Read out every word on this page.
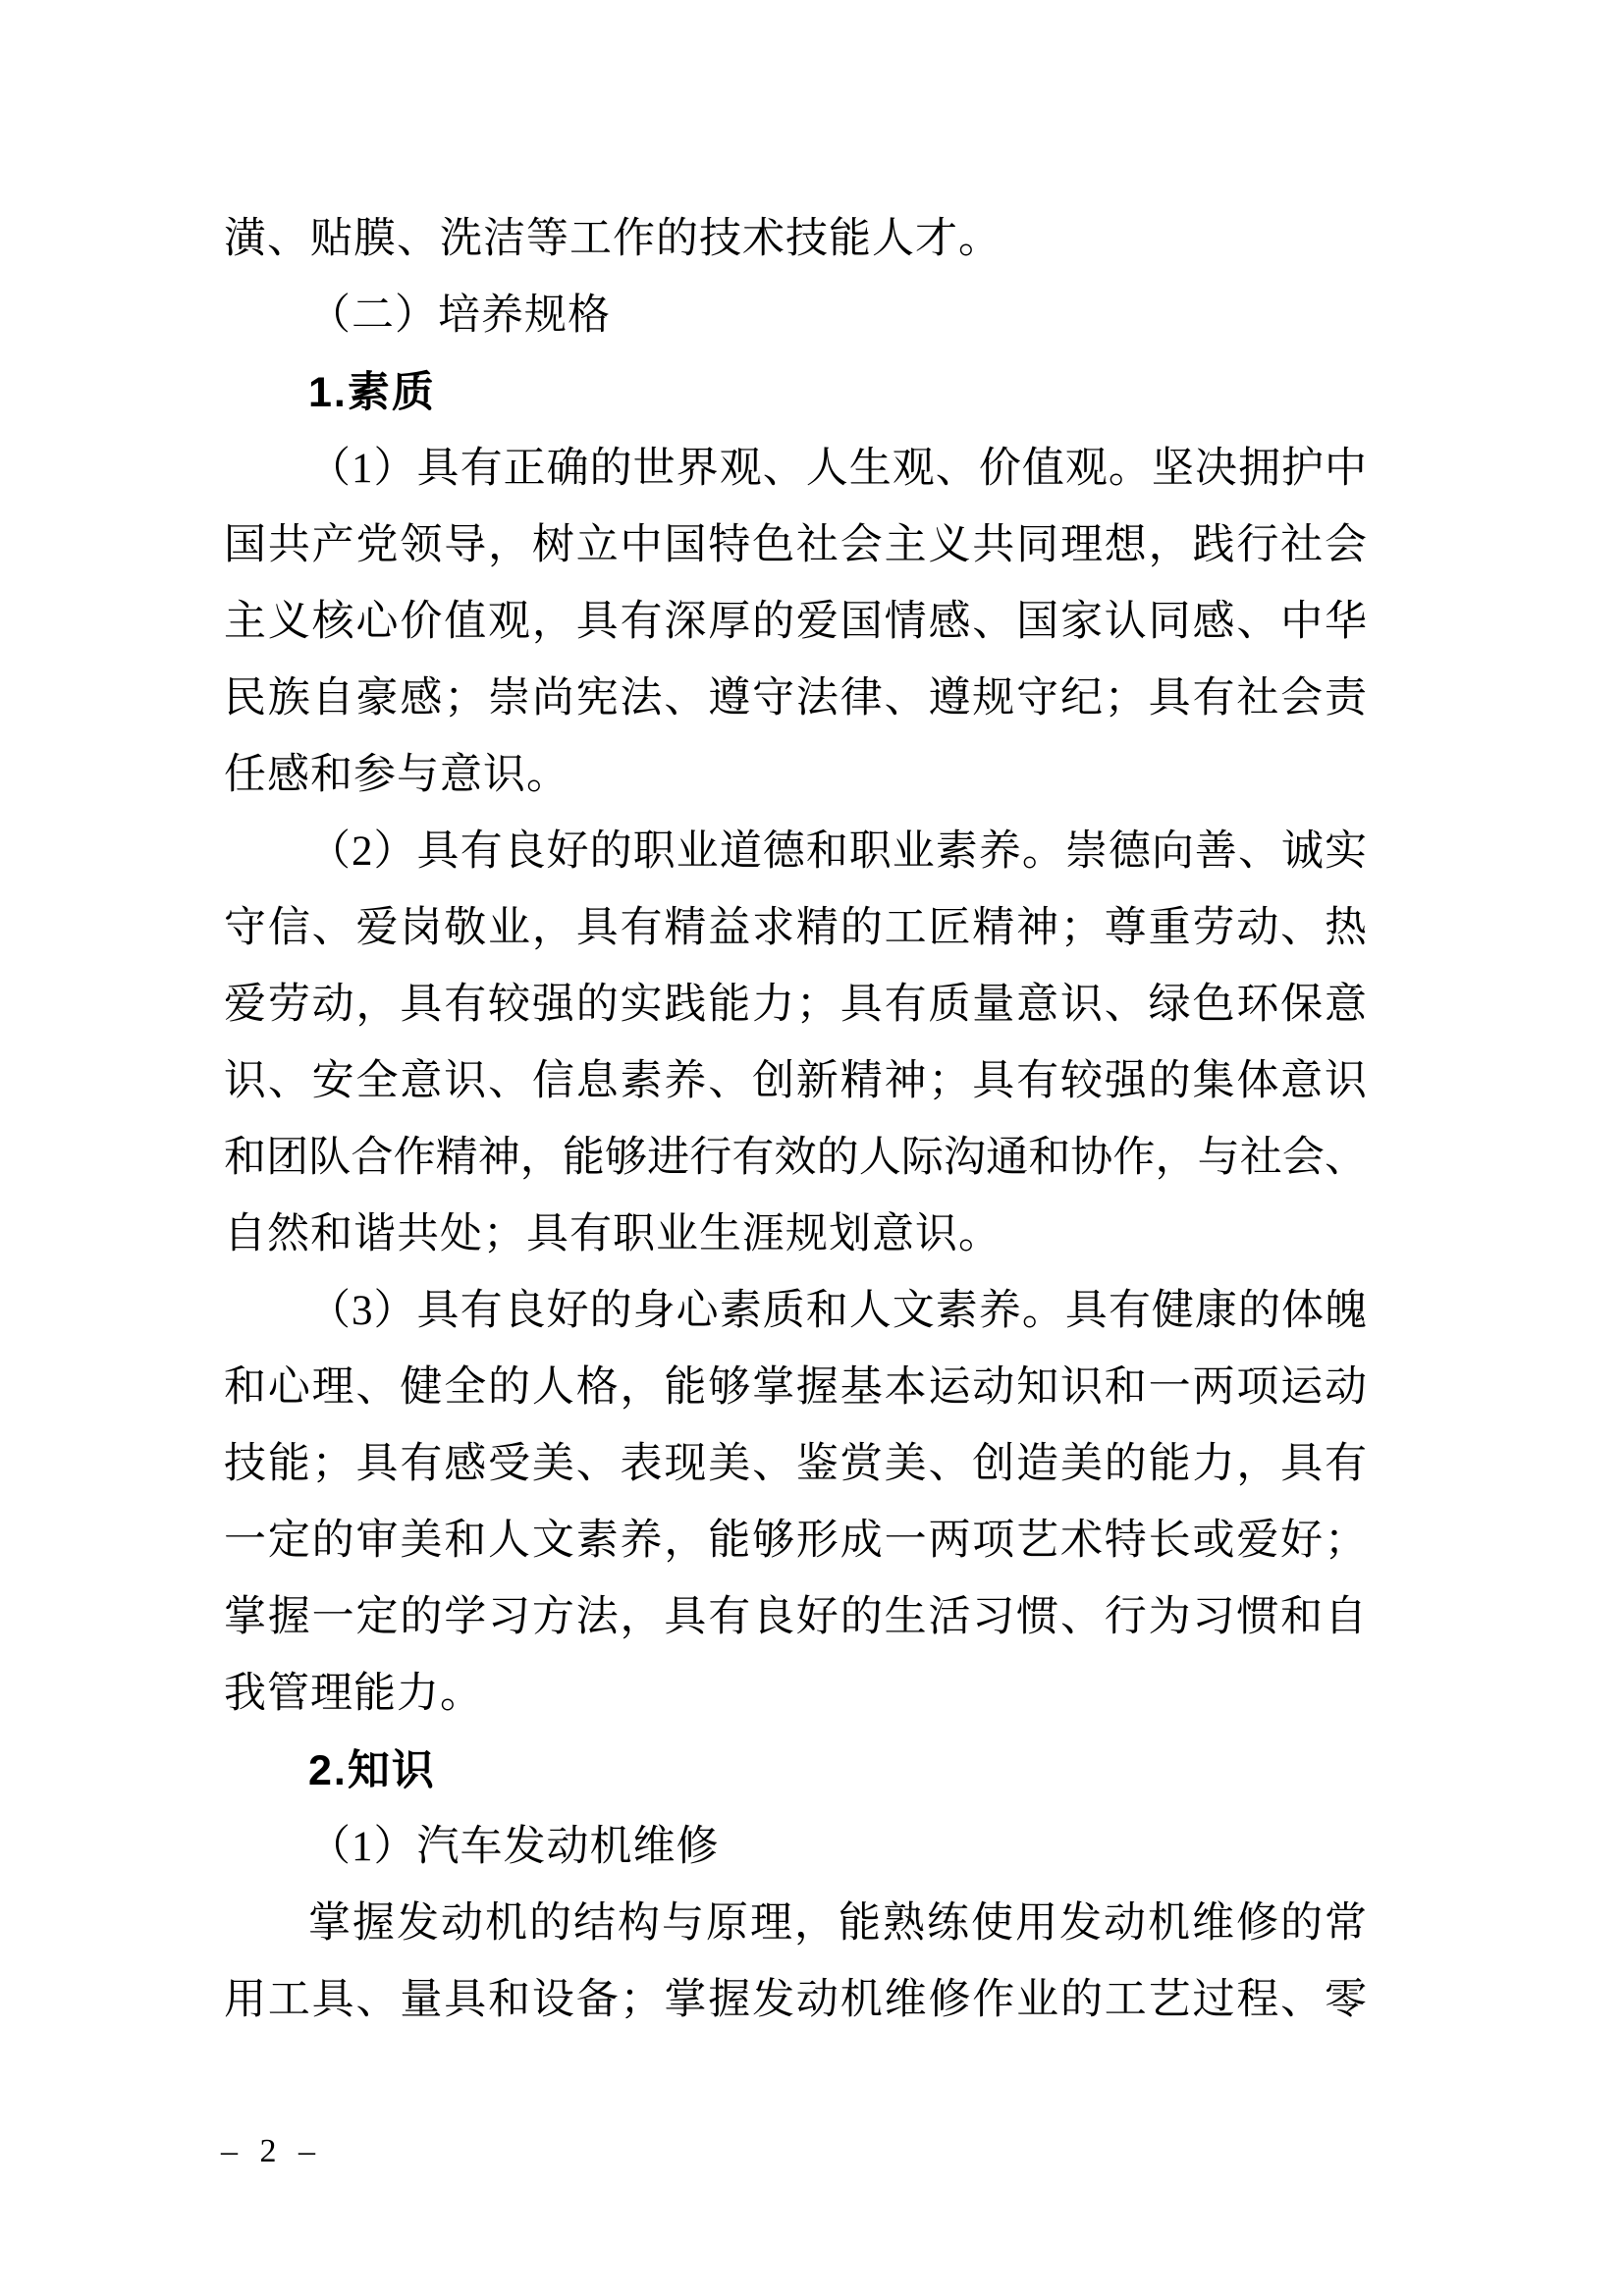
潢、贴膜、洗洁等工作的技术技能人才。
（二）培养规格
1.素质
（1）具有正确的世界观、人生观、价值观。坚决拥护中
国共产党领导，树立中国特色社会主义共同理想，践行社会
主义核心价值观，具有深厚的爱国情感、国家认同感、中华
民族自豪感；崇尚宪法、遵守法律、遵规守纪；具有社会责
任感和参与意识。
（2）具有良好的职业道德和职业素养。崇德向善、诚实
守信、爱岗敬业，具有精益求精的工匠精神；尊重劳动、热
爱劳动，具有较强的实践能力；具有质量意识、绿色环保意
识、安全意识、信息素养、创新精神；具有较强的集体意识
和团队合作精神，能够进行有效的人际沟通和协作，与社会、
自然和谐共处；具有职业生涯规划意识。
（3）具有良好的身心素质和人文素养。具有健康的体魄
和心理、健全的人格，能够掌握基本运动知识和一两项运动
技能；具有感受美、表现美、鉴赏美、创造美的能力，具有
一定的审美和人文素养，能够形成一两项艺术特长或爱好；
掌握一定的学习方法，具有良好的生活习惯、行为习惯和自
我管理能力。
2.知识
（1）汽车发动机维修
掌握发动机的结构与原理，能熟练使用发动机维修的常
用工具、量具和设备；掌握发动机维修作业的工艺过程、零
– 2 –
